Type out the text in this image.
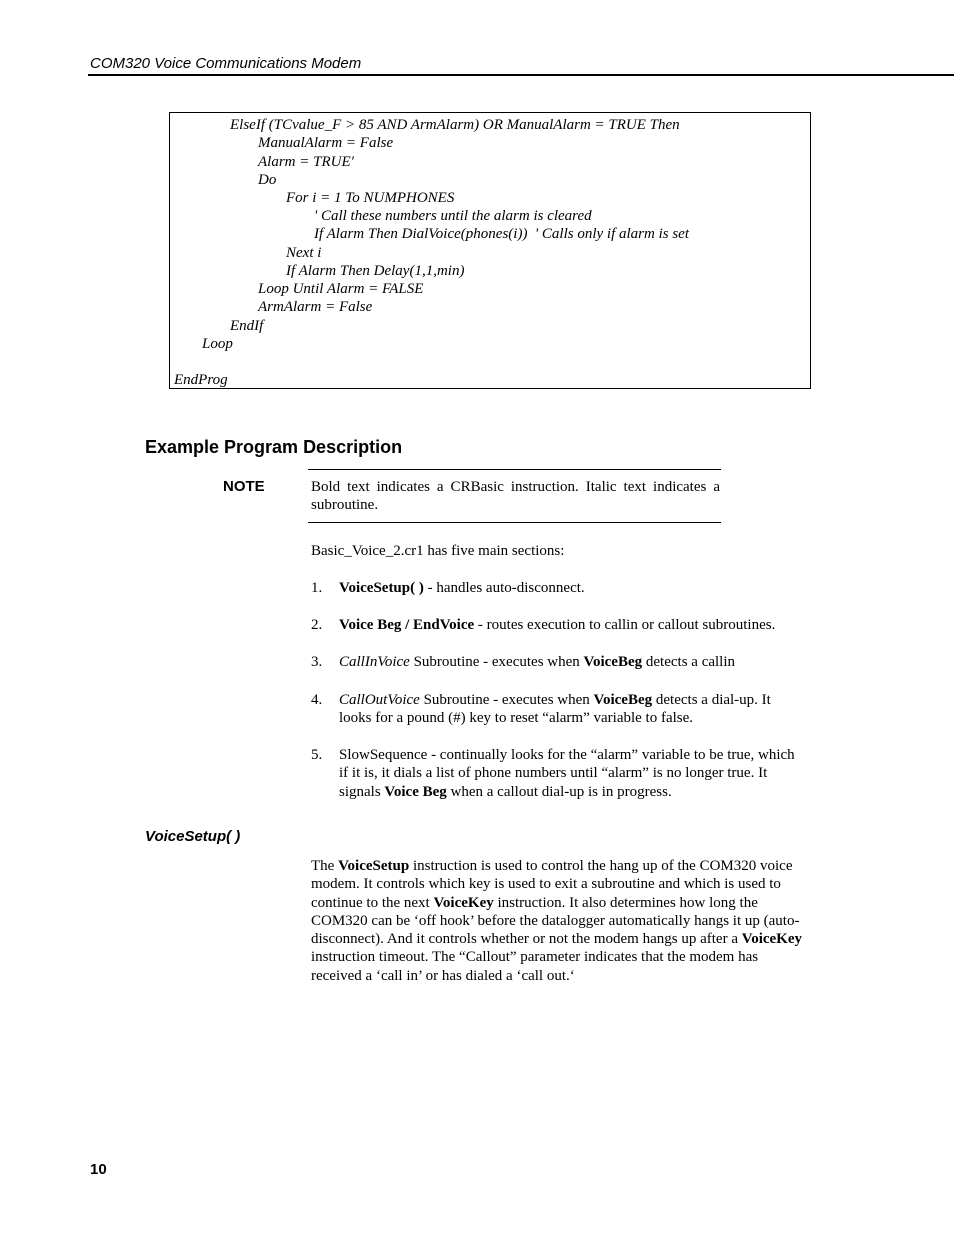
COM320 Voice Communications Modem
ElseIf (TCvalue_F > 85 AND ArmAlarm) OR ManualAlarm = TRUE Then
ManualAlarm = False
Alarm = TRUE'
Do
For i = 1 To NUMPHONES
' Call these numbers until the alarm is cleared
If Alarm Then DialVoice(phones(i))  ' Calls only if alarm is set
Next i
If Alarm Then Delay(1,1,min)
Loop Until Alarm = FALSE
ArmAlarm = False
EndIf
Loop
EndProg
Example Program Description
NOTE	Bold text indicates a CRBasic instruction. Italic text indicates a subroutine.
Basic_Voice_2.cr1 has five main sections:
1. VoiceSetup( ) - handles auto-disconnect.
2. Voice Beg / EndVoice - routes execution to callin or callout subroutines.
3. CallInVoice Subroutine - executes when VoiceBeg detects a callin
4. CallOutVoice Subroutine - executes when VoiceBeg detects a dial-up. It looks for a pound (#) key to reset “alarm” variable to false.
5. SlowSequence - continually looks for the “alarm” variable to be true, which if it is, it dials a list of phone numbers until “alarm” is no longer true. It signals Voice Beg when a callout dial-up is in progress.
VoiceSetup( )
The VoiceSetup instruction is used to control the hang up of the COM320 voice modem. It controls which key is used to exit a subroutine and which is used to continue to the next VoiceKey instruction. It also determines how long the COM320 can be ‘off hook’ before the datalogger automatically hangs it up (auto-disconnect). And it controls whether or not the modem hangs up after a VoiceKey instruction timeout. The “Callout” parameter indicates that the modem has received a ‘call in’ or has dialed a ‘call out.‘
10
